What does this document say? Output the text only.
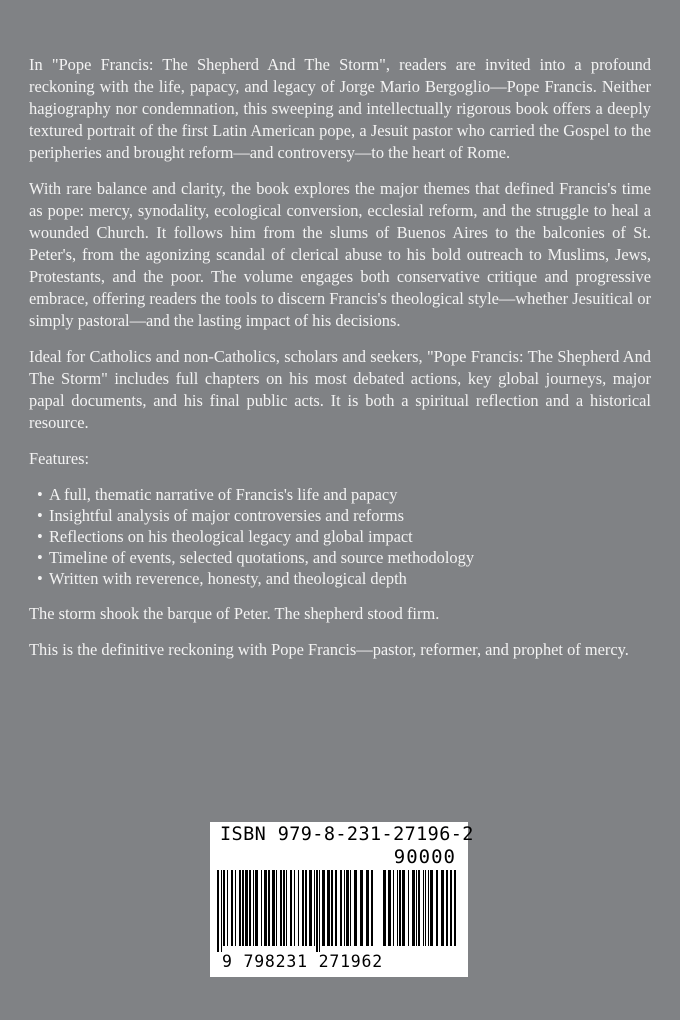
In "Pope Francis: The Shepherd And The Storm", readers are invited into a profound reckoning with the life, papacy, and legacy of Jorge Mario Bergoglio—Pope Francis. Neither hagiography nor condemnation, this sweeping and intellectually rigorous book offers a deeply textured portrait of the first Latin American pope, a Jesuit pastor who carried the Gospel to the peripheries and brought reform—and controversy—to the heart of Rome.

With rare balance and clarity, the book explores the major themes that defined Francis's time as pope: mercy, synodality, ecological conversion, ecclesial reform, and the struggle to heal a wounded Church. It follows him from the slums of Buenos Aires to the balconies of St. Peter's, from the agonizing scandal of clerical abuse to his bold outreach to Muslims, Jews, Protestants, and the poor. The volume engages both conservative critique and progressive embrace, offering readers the tools to discern Francis's theological style—whether Jesuitical or simply pastoral—and the lasting impact of his decisions.

Ideal for Catholics and non-Catholics, scholars and seekers, "Pope Francis: The Shepherd And The Storm" includes full chapters on his most debated actions, key global journeys, major papal documents, and his final public acts. It is both a spiritual reflection and a historical resource.

Features:

• A full, thematic narrative of Francis's life and papacy
• Insightful analysis of major controversies and reforms
• Reflections on his theological legacy and global impact
• Timeline of events, selected quotations, and source methodology
• Written with reverence, honesty, and theological depth

The storm shook the barque of Peter. The shepherd stood firm.

This is the definitive reckoning with Pope Francis—pastor, reformer, and prophet of mercy.

ISBN 979-8-231-27196-2
90000
9 798231 271962
